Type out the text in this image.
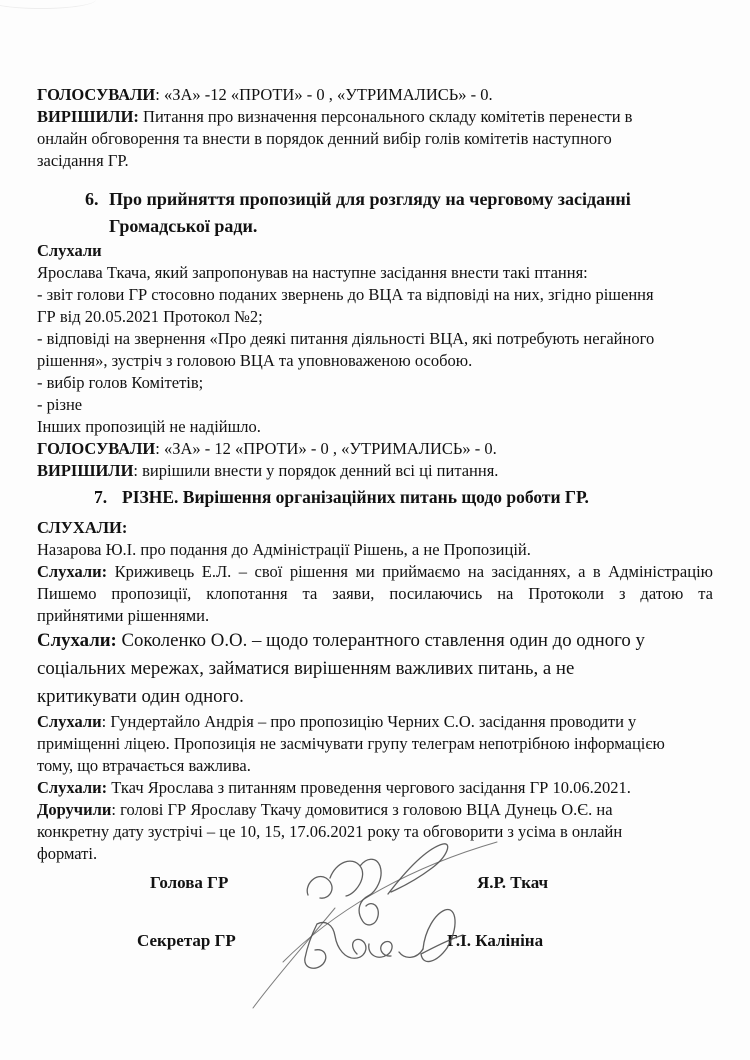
ГОЛОСУВАЛИ: «ЗА» -12 «ПРОТИ» - 0 , «УТРИМАЛИСЬ» - 0.
ВИРІШИЛИ: Питання про визначення персонального складу комітетів перенести в
онлайн обговорення та внести в порядок денний вибір голів комітетів наступного
засідання ГР.
6. Про прийняття пропозицій для розгляду на черговому засіданні
Громадської ради.
Слухали
Ярослава Ткача, який запропонував на наступне засідання внести такі птання:
- звіт голови ГР стосовно поданих звернень до ВЦА та відповіді на них, згідно рішення
ГР від 20.05.2021 Протокол №2;
- відповіді на звернення «Про деякі питання діяльності ВЦА, які потребують негайного
рішення», зустріч з головою ВЦА та уповноваженою особою.
- вибір голов Комітетів;
- різне
Інших пропозицій не надійшло.
ГОЛОСУВАЛИ: «ЗА» - 12 «ПРОТИ» - 0 , «УТРИМАЛИСЬ» - 0.
ВИРІШИЛИ: вирішили внести у порядок денний всі ці питання.
7. РІЗНЕ. Вирішення організаційних питань щодо роботи ГР.
СЛУХАЛИ:
Назарова Ю.І. про подання до Адміністрації Рішень, а не Пропозицій.
Слухали: Криживець Е.Л. – свої рішення ми приймаємо на засіданнях, а в Адміністрацію
Пишемо пропозиції, клопотання та заяви, посилаючись на Протоколи з датою та
прийнятими рішеннями.
Слухали: Соколенко О.О. – щодо толерантного ставлення один до одного у
соціальних мережах, займатися вирішенням важливих питань, а не
критикувати один одного.
Слухали: Гундертайло Андрія – про пропозицію Черних С.О. засідання проводити у
приміщенні ліцею. Пропозиція не засмічувати групу телеграм непотрібною інформацією
тому, що втрачається важлива.
Слухали: Ткач Ярослава з питанням проведення чергового засідання ГР 10.06.2021.
Доручили: голові ГР Ярославу Ткачу домовитися з головою ВЦА Дунець О.Є. на
конкретну дату зустрічі – це 10, 15, 17.06.2021 року та обговорити з усіма в онлайн
форматі.
Голова ГР	Я.Р. Ткач
Секретар ГР	Г.І. Калініна
